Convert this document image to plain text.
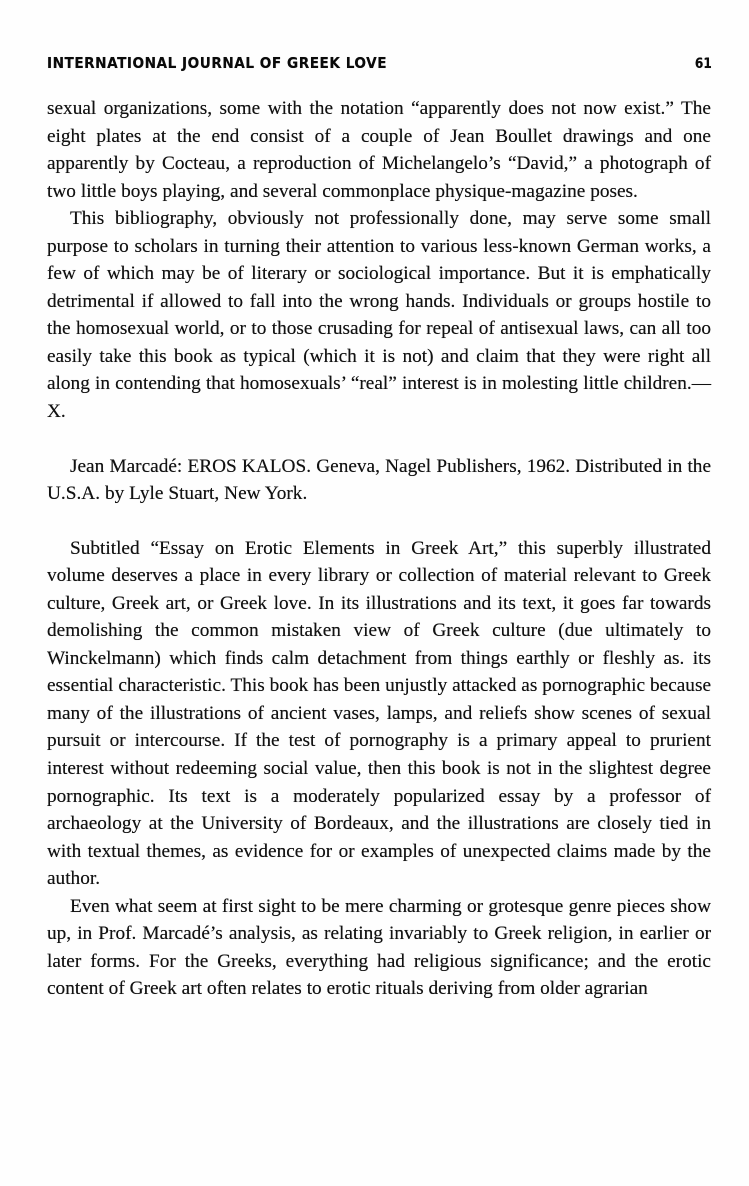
INTERNATIONAL JOURNAL OF GREEK LOVE	61

sexual organizations, some with the notation “apparently does not now exist.” The eight plates at the end consist of a couple of Jean Boullet drawings and one apparently by Cocteau, a reproduction of Michelangelo’s “David,” a photograph of two little boys playing, and several commonplace physique-magazine poses.

This bibliography, obviously not professionally done, may serve some small purpose to scholars in turning their attention to various less-known German works, a few of which may be of literary or sociological importance. But it is emphatically detrimental if allowed to fall into the wrong hands. Individuals or groups hostile to the homosexual world, or to those crusading for repeal of antisexual laws, can all too easily take this book as typical (which it is not) and claim that they were right all along in contending that homosexuals’ “real” interest is in molesting little children.—X.

Jean Marcadé: EROS KALOS. Geneva, Nagel Publishers, 1962. Distributed in the U.S.A. by Lyle Stuart, New York.

Subtitled “Essay on Erotic Elements in Greek Art,” this superbly illustrated volume deserves a place in every library or collection of material relevant to Greek culture, Greek art, or Greek love. In its illustrations and its text, it goes far towards demolishing the common mistaken view of Greek culture (due ultimately to Winckelmann) which finds calm detachment from things earthly or fleshly as. its essential characteristic. This book has been unjustly attacked as pornographic because many of the illustrations of ancient vases, lamps, and reliefs show scenes of sexual pursuit or intercourse. If the test of pornography is a primary appeal to prurient interest without redeeming social value, then this book is not in the slightest degree pornographic. Its text is a moderately popularized essay by a professor of archaeology at the University of Bordeaux, and the illustrations are closely tied in with textual themes, as evidence for or examples of unexpected claims made by the author.

Even what seem at first sight to be mere charming or grotesque genre pieces show up, in Prof. Marcadé’s analysis, as relating invariably to Greek religion, in earlier or later forms. For the Greeks, everything had religious significance; and the erotic content of Greek art often relates to erotic rituals deriving from older agrarian
